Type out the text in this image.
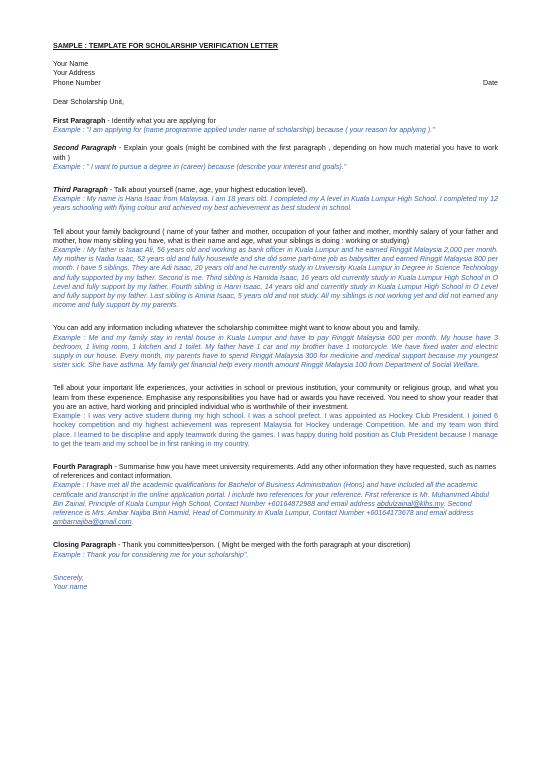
SAMPLE : TEMPLATE FOR SCHOLARSHIP VERIFICATION LETTER
Your Name
Your Address
Phone Number	Date
Dear Scholarship Unit,
First Paragraph - Identify what you are applying for
Example : "I am applying for (name programme applied under name of scholarship) because ( your reason for applying )."
Second Paragraph - Explain your goals (might be combined with the first paragraph , depending on how much material you have to work with )
Example : " I want to pursue a degree in (career) because (describe your interest and goals)."
Third Paragraph - Talk about yourself (name, age, your highest education level).
Example : My name is Hana Isaac from Malaysia. I am 18 years old. I completed my A level in Kuala Lumpur High School. I completed my 12 years schooling with flying colour and achieved my best achievement as best student in school.
Tell about your family background ( name of your father and mother, occupation of your father and mother, monthly salary of your father and mother, how many sibling you have, what is their name and age, what your siblings is doing : working or studying)
Example : My father is Isaac Ali, 56 years old and working as bank officer in Kuala Lumpur and he earned Ringgit Malaysia 2,000 per month. My mother is Nadia Isaac, 52 years old and fully housewife and she did some part-time job as babysitter and earned Ringgit Malaysia 800 per month. I have 5 siblings. They are Adi Isaac, 20 years old and he currently study in University Kuala Lumpur in Degree in Science Technology and fully supported by my father. Second is me. Third sibling is Hamida Isaac, 16 years old currently study in Kuala Lumpur High School in O Level and fully support by my father. Fourth sibling is Hanri Isaac, 14 years old and currently study in Kuala Lumpur High School in O Level and fully support by my father. Last sibling is Amina Isaac, 5 years old and not study. All my siblings is not working yet and did not earned any income and fully support by my parents.
You can add any information including whatever the scholarship committee might want to know about you and family.
Example : Me and my family stay in rental house in Kuala Lumpur and have to pay Ringgit Malaysia 600 per month. My house have 3 bedroom, 1 living room, 1 kitchen and 1 toilet. My father have 1 car and my brother have 1 motorcycle. We have fixed water and electric supply in our house. Every month, my parents have to spend Ringgit Malaysia 300 for medicine and medical support because my youngest sister sick. She have asthma. My family get financial help every month amount Ringgit Malaysia 100 from Department of Social Welfare.
Tell about your important life experiences, your activities in school or previous institution, your community or religious group, and what you learn from these experience. Emphasise any responsibilities you have had or awards you have received. You need to show your reader that you are an active, hard working and principled individual who is worthwhile of their investment.
Example : I was very active student during my high school. I was a school prefect. I was appointed as Hockey Club President. I joined 6 hockey competition and my highest achievement was represent Malaysia for Hockey underage Competition. Me and my team won third place. I learned to be discipline and apply teamwork during the games. I was happy during hold position as Club President because I manage to get the team and my school be in first ranking in my country.
Fourth Paragraph - Summarise how you have meet university requirements. Add any other information they have requested, such as names of references and contact information.
Example : I have met all the academic qualifications for Bachelor of Business Administration (Hons) and have included all the academic certificate and transcript in the online application portal. I include two references for your reference. First reference is Mr. Muhammed Abdul Bin Zainal, Principle of Kuala Lumpur High School, Contact Number +60164872988 and email address abdulzainal@klhs.my. Second reference is Mrs. Ambar Najiba Binti Hamid, Head of Community in Kuala Lumpur, Contact Number +60164173678 and email address ambarnajiba@gmail.com.
Closing Paragraph - Thank you committee/person. ( Might be merged with the forth paragraph at your discretion)
Example : Thank you for considering me for your scholarship".
Sincerely,
Your name
